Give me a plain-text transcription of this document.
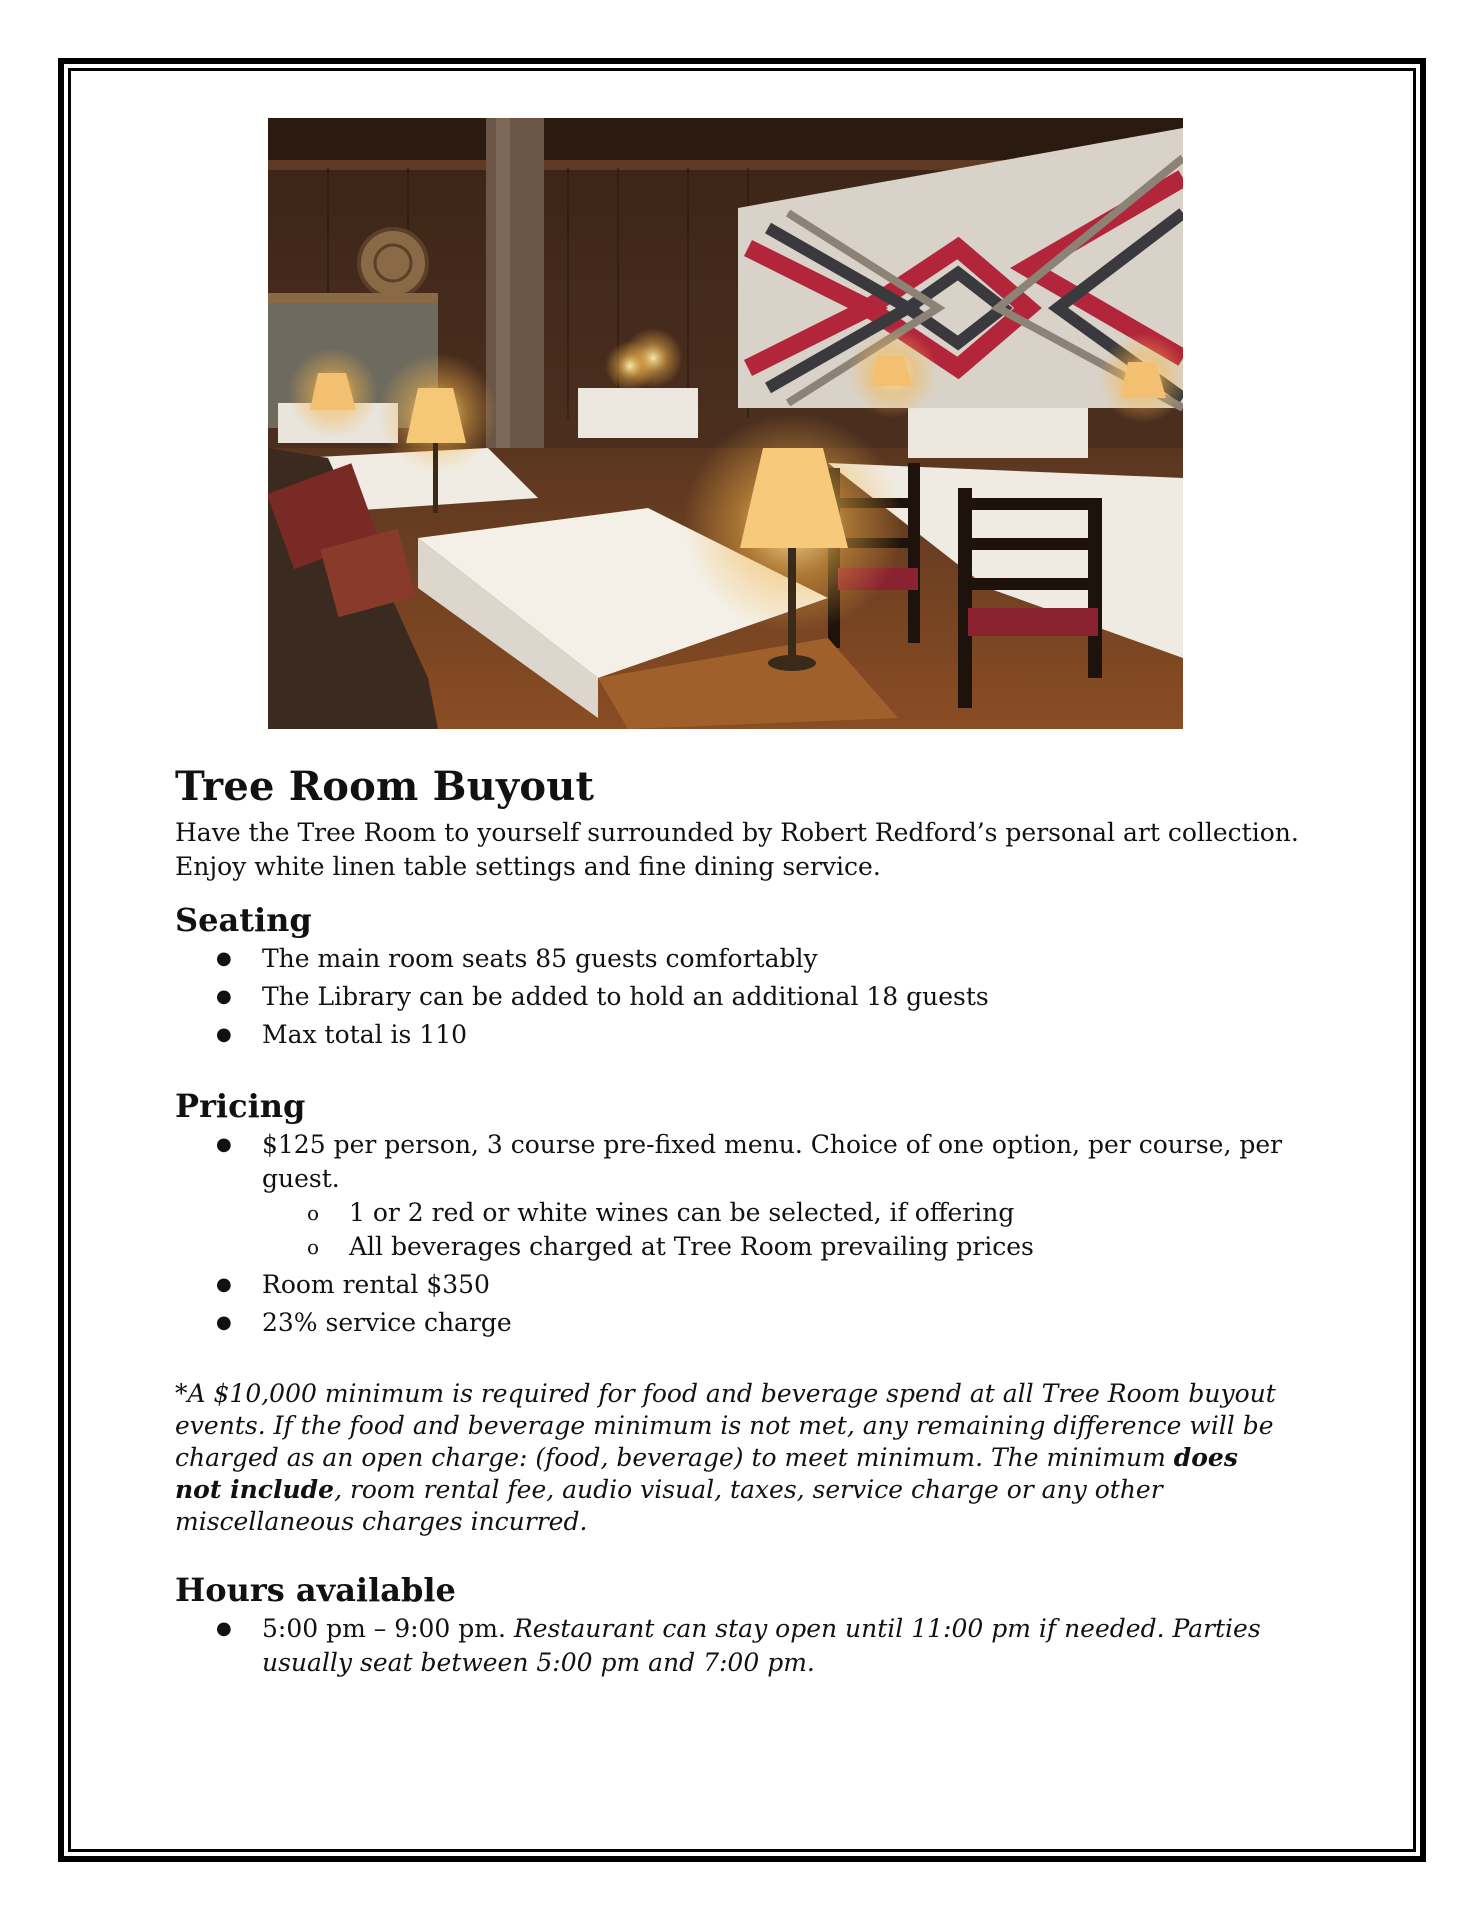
Tree Room Buyout

Have the Tree Room to yourself surrounded by Robert Redford’s personal art collection.
Enjoy white linen table settings and fine dining service.

Seating
● The main room seats 85 guests comfortably
● The Library can be added to hold an additional 18 guests
● Max total is 110
Pricing
● $125 per person, 3 course pre-fixed menu. Choice of one option, per course, per
guest.
o 1 or 2 red or white wines can be selected, if offering
o All beverages charged at Tree Room prevailing prices
● Room rental $350
● 23% service charge

*A $10,000 minimum is required for food and beverage spend at all Tree Room buyout
events. If the food and beverage minimum is not met, any remaining difference will be
charged as an open charge: (food, beverage) to meet minimum. The minimum does
not include, room rental fee, audio visual, taxes, service charge or any other
miscellaneous charges incurred.

Hours available
● 5:00 pm – 9:00 pm. Restaurant can stay open until 11:00 pm if needed. Parties
usually seat between 5:00 pm and 7:00 pm.
